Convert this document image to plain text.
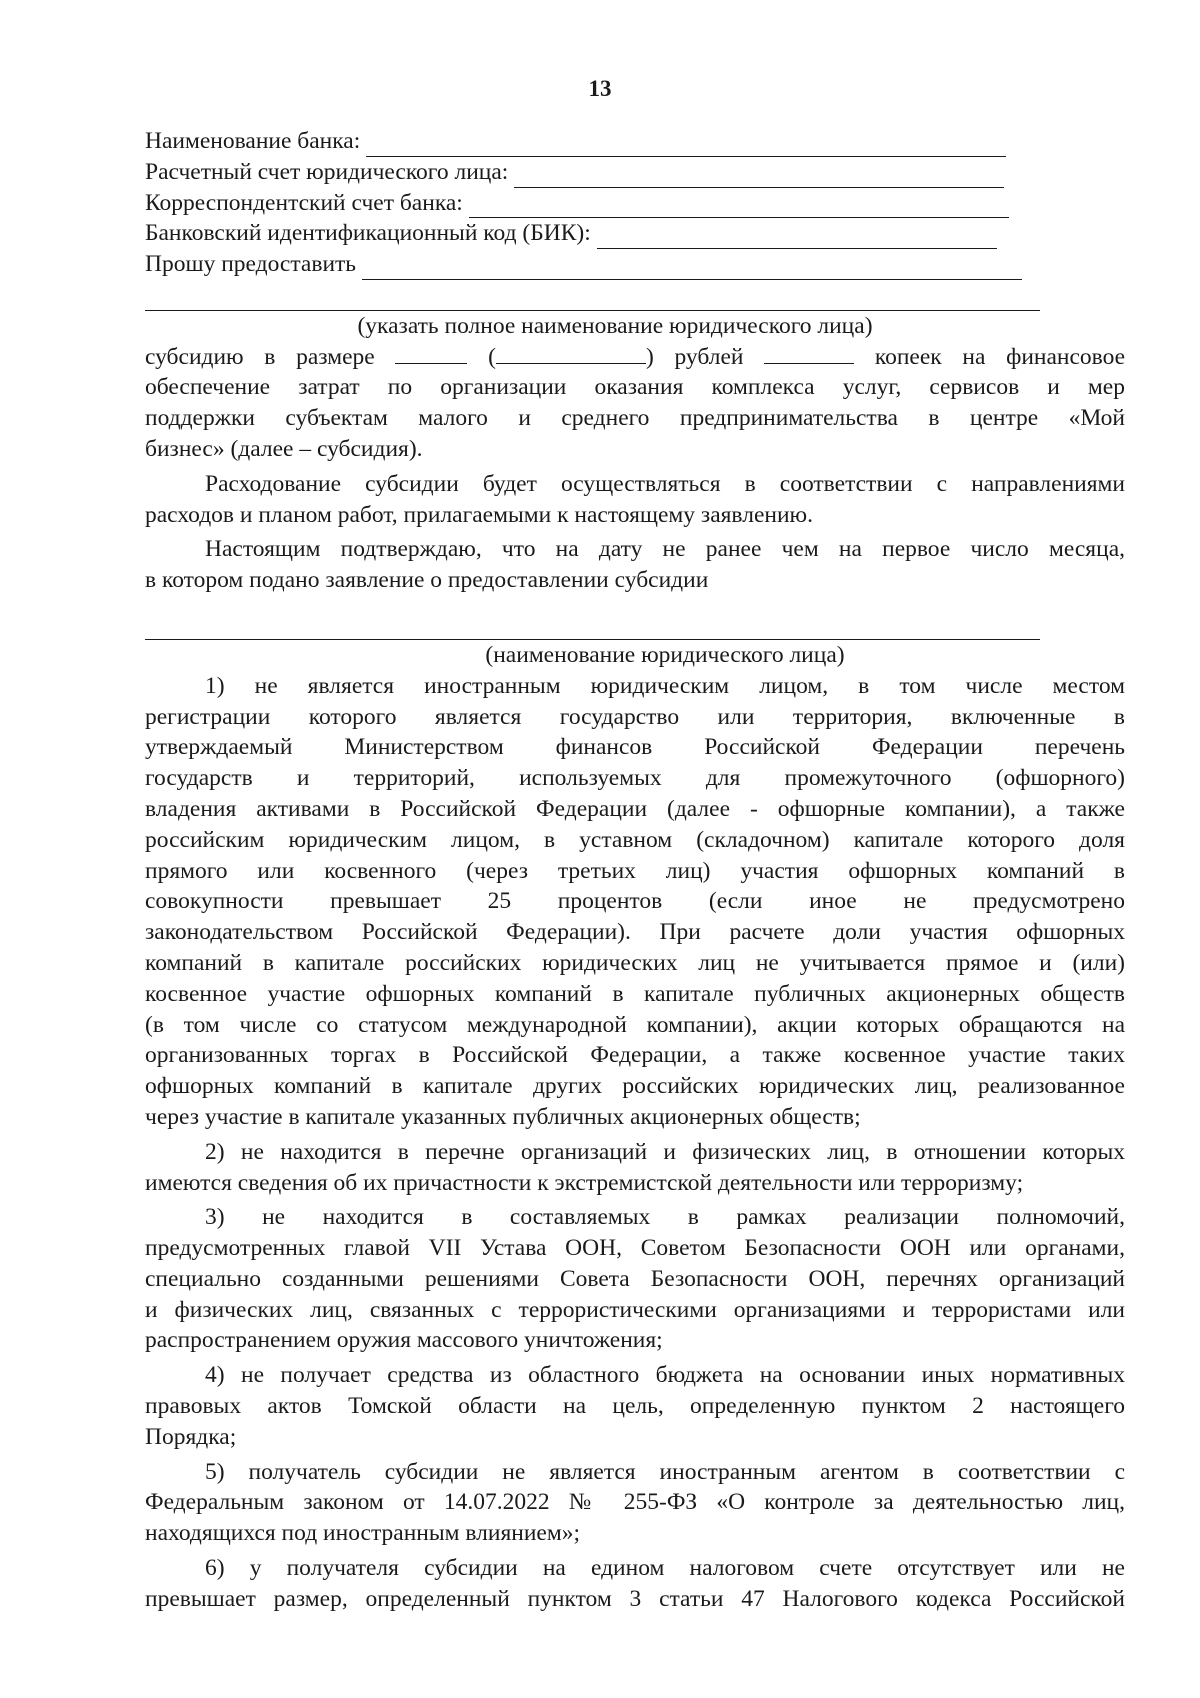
13
Наименование банка:
Расчетный счет юридического лица:
Корреспондентский счет банка:
Банковский идентификационный код (БИК):
Прошу предоставить
(указать полное наименование юридического лица)
субсидию в размере	(	) рублей	копеек на финансовое
обеспечение затрат по организации оказания комплекса услуг, сервисов и мер
поддержки субъектам малого и среднего предпринимательства в центре «Мой
бизнес» (далее – субсидия).
Расходование субсидии будет осуществляться в соответствии с направлениями
расходов и планом работ, прилагаемыми к настоящему заявлению.
Настоящим подтверждаю, что на дату не ранее чем на первое число месяца,
в котором подано заявление о предоставлении субсидии
(наименование юридического лица)
1) не является иностранным юридическим лицом, в том числе местом
регистрации которого является государство или территория, включенные в
утверждаемый Министерством финансов Российской Федерации перечень
государств и территорий, используемых для промежуточного (офшорного)
владения активами в Российской Федерации (далее - офшорные компании), а также
российским юридическим лицом, в уставном (складочном) капитале которого доля
прямого или косвенного (через третьих лиц) участия офшорных компаний в
совокупности превышает 25 процентов (если иное не предусмотрено
законодательством Российской Федерации). При расчете доли участия офшорных
компаний в капитале российских юридических лиц не учитывается прямое и (или)
косвенное участие офшорных компаний в капитале публичных акционерных обществ
(в том числе со статусом международной компании), акции которых обращаются на
организованных торгах в Российской Федерации, а также косвенное участие таких
офшорных компаний в капитале других российских юридических лиц, реализованное
через участие в капитале указанных публичных акционерных обществ;
2) не находится в перечне организаций и физических лиц, в отношении которых
имеются сведения об их причастности к экстремистской деятельности или терроризму;
3) не находится в составляемых в рамках реализации полномочий,
предусмотренных главой VII Устава ООН, Советом Безопасности ООН или органами,
специально созданными решениями Совета Безопасности ООН, перечнях организаций
и физических лиц, связанных с террористическими организациями и террористами или
распространением оружия массового уничтожения;
4) не получает средства из областного бюджета на основании иных нормативных
правовых актов Томской области на цель, определенную пунктом 2 настоящего
Порядка;
5) получатель субсидии не является иностранным агентом в соответствии с
Федеральным законом от 14.07.2022 № 255-ФЗ «О контроле за деятельностью лиц,
находящихся под иностранным влиянием»;
6) у получателя субсидии на едином налоговом счете отсутствует или не
превышает размер, определенный пунктом 3 статьи 47 Налогового кодекса Российской
